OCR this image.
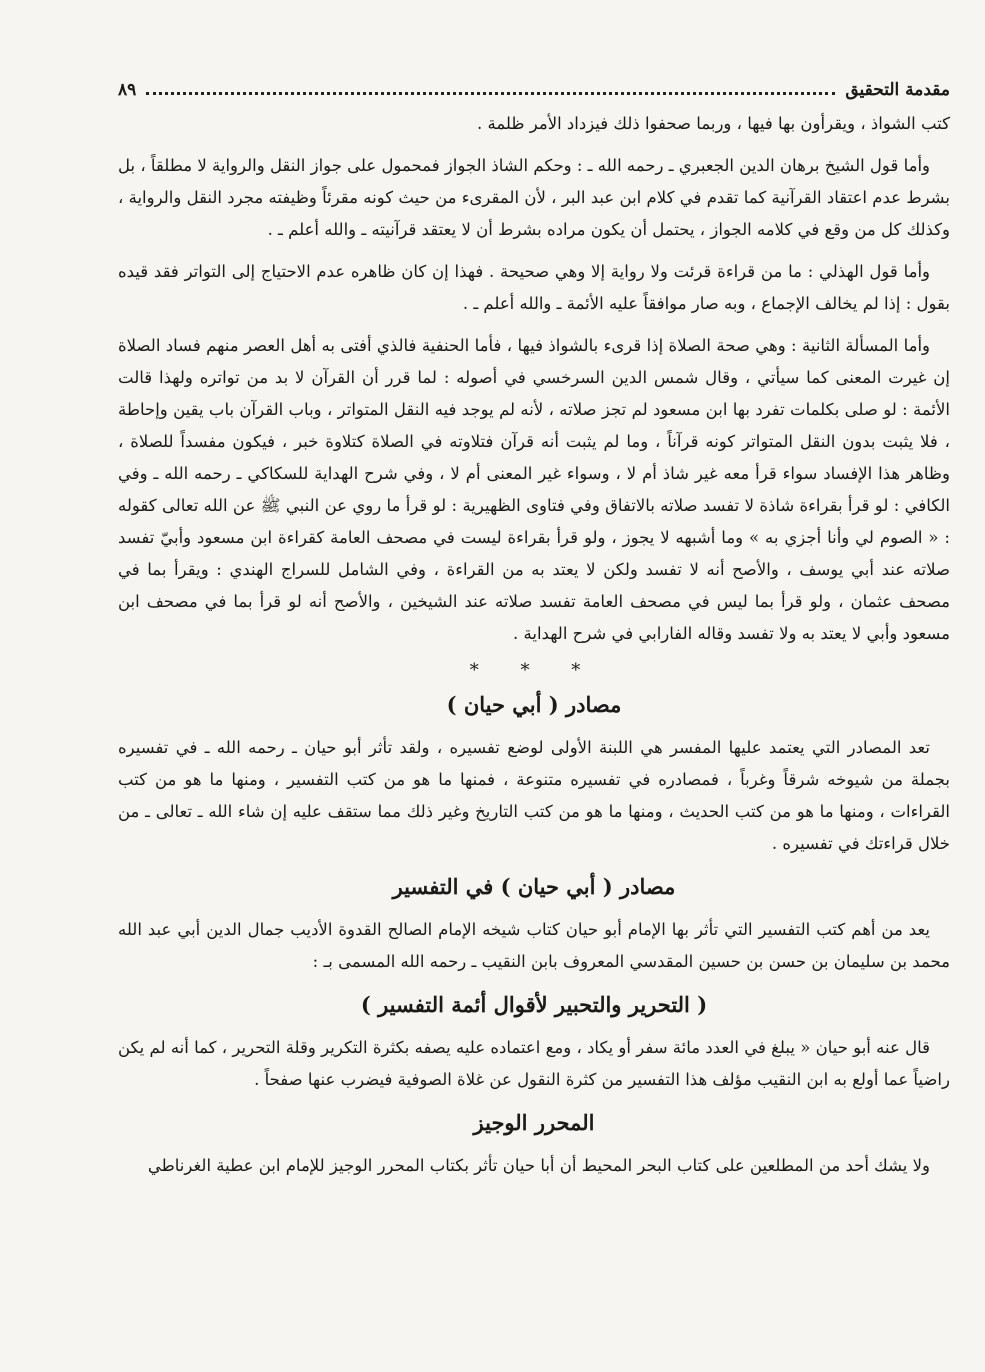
مقدمة التحقيق
٨٩

كتب الشواذ ، ويقرأون بها فيها ، وربما صحفوا ذلك فيزداد الأمر ظلمة .

وأما قول الشيخ برهان الدين الجعبري ـ رحمه الله ـ : وحكم الشاذ الجواز فمحمول على جواز النقل والرواية لا مطلقاً ، بل بشرط عدم اعتقاد القرآنية كما تقدم في كلام ابن عبد البر ، لأن المقرىء من حيث كونه مقرئاً وظيفته مجرد النقل والرواية ، وكذلك كل من وقع في كلامه الجواز ، يحتمل أن يكون مراده بشرط أن لا يعتقد قرآنيته ـ والله أعلم ـ .

وأما قول الهذلي : ما من قراءة قرئت ولا رواية إلا وهي صحيحة . فهذا إن كان ظاهره عدم الاحتياج إلى التواتر فقد قيده بقول : إذا لم يخالف الإجماع ، وبه صار موافقاً عليه الأئمة ـ والله أعلم ـ .

وأما المسألة الثانية : وهي صحة الصلاة إذا قرىء بالشواذ فيها ، فأما الحنفية فالذي أفتى به أهل العصر منهم فساد الصلاة إن غيرت المعنى كما سيأتي ، وقال شمس الدين السرخسي في أصوله : لما قرر أن القرآن لا بد من تواتره ولهذا قالت الأئمة : لو صلى بكلمات تفرد بها ابن مسعود لم تجز صلاته ، لأنه لم يوجد فيه النقل المتواتر ، وباب القرآن باب يقين وإحاطة ، فلا يثبت بدون النقل المتواتر كونه قرآناً ، وما لم يثبت أنه قرآن فتلاوته في الصلاة كتلاوة خبر ، فيكون مفسداً للصلاة ، وظاهر هذا الإفساد سواء قرأ معه غير شاذ أم لا ، وسواء غير المعنى أم لا ، وفي شرح الهداية للسكاكي ـ رحمه الله ـ وفي الكافي : لو قرأ بقراءة شاذة لا تفسد صلاته بالاتفاق وفي فتاوى الظهيرية : لو قرأ ما روي عن النبي ﷺ عن الله تعالى كقوله : « الصوم لي وأنا أجزي به » وما أشبهه لا يجوز ، ولو قرأ بقراءة ليست في مصحف العامة كقراءة ابن مسعود وأبيّ تفسد صلاته عند أبي يوسف ، والأصح أنه لا تفسد ولكن لا يعتد به من القراءة ، وفي الشامل للسراج الهندي : ويقرأ بما في مصحف عثمان ، ولو قرأ بما ليس في مصحف العامة تفسد صلاته عند الشيخين ، والأصح أنه لو قرأ بما في مصحف ابن مسعود وأبي لا يعتد به ولا تفسد وقاله الفارابي في شرح الهداية .

* * *
مصادر ( أبي حيان )

تعد المصادر التي يعتمد عليها المفسر هي اللبنة الأولى لوضع تفسيره ، ولقد تأثر أبو حيان ـ رحمه الله ـ في تفسيره بجملة من شيوخه شرقاً وغرباً ، فمصادره في تفسيره متنوعة ، فمنها ما هو من كتب التفسير ، ومنها ما هو من كتب القراءات ، ومنها ما هو من كتب الحديث ، ومنها ما هو من كتب التاريخ وغير ذلك مما ستقف عليه إن شاء الله ـ تعالى ـ من خلال قراءتك في تفسيره .

مصادر ( أبي حيان ) في التفسير

يعد من أهم كتب التفسير التي تأثر بها الإمام أبو حيان كتاب شيخه الإمام الصالح القدوة الأديب جمال الدين أبي عبد الله محمد بن سليمان بن حسن بن حسين المقدسي المعروف بابن النقيب ـ رحمه الله المسمى بـ :

( التحرير والتحبير لأقوال أئمة التفسير )

قال عنه أبو حيان « يبلغ في العدد مائة سفر أو يكاد ، ومع اعتماده عليه يصفه بكثرة التكرير وقلة التحرير ، كما أنه لم يكن راضياً عما أولع به ابن النقيب مؤلف هذا التفسير من كثرة النقول عن غلاة الصوفية فيضرب عنها صفحاً .

المحرر الوجيز

ولا يشك أحد من المطلعين على كتاب البحر المحيط أن أبا حيان تأثر بكتاب المحرر الوجيز للإمام ابن عطية الغرناطي
